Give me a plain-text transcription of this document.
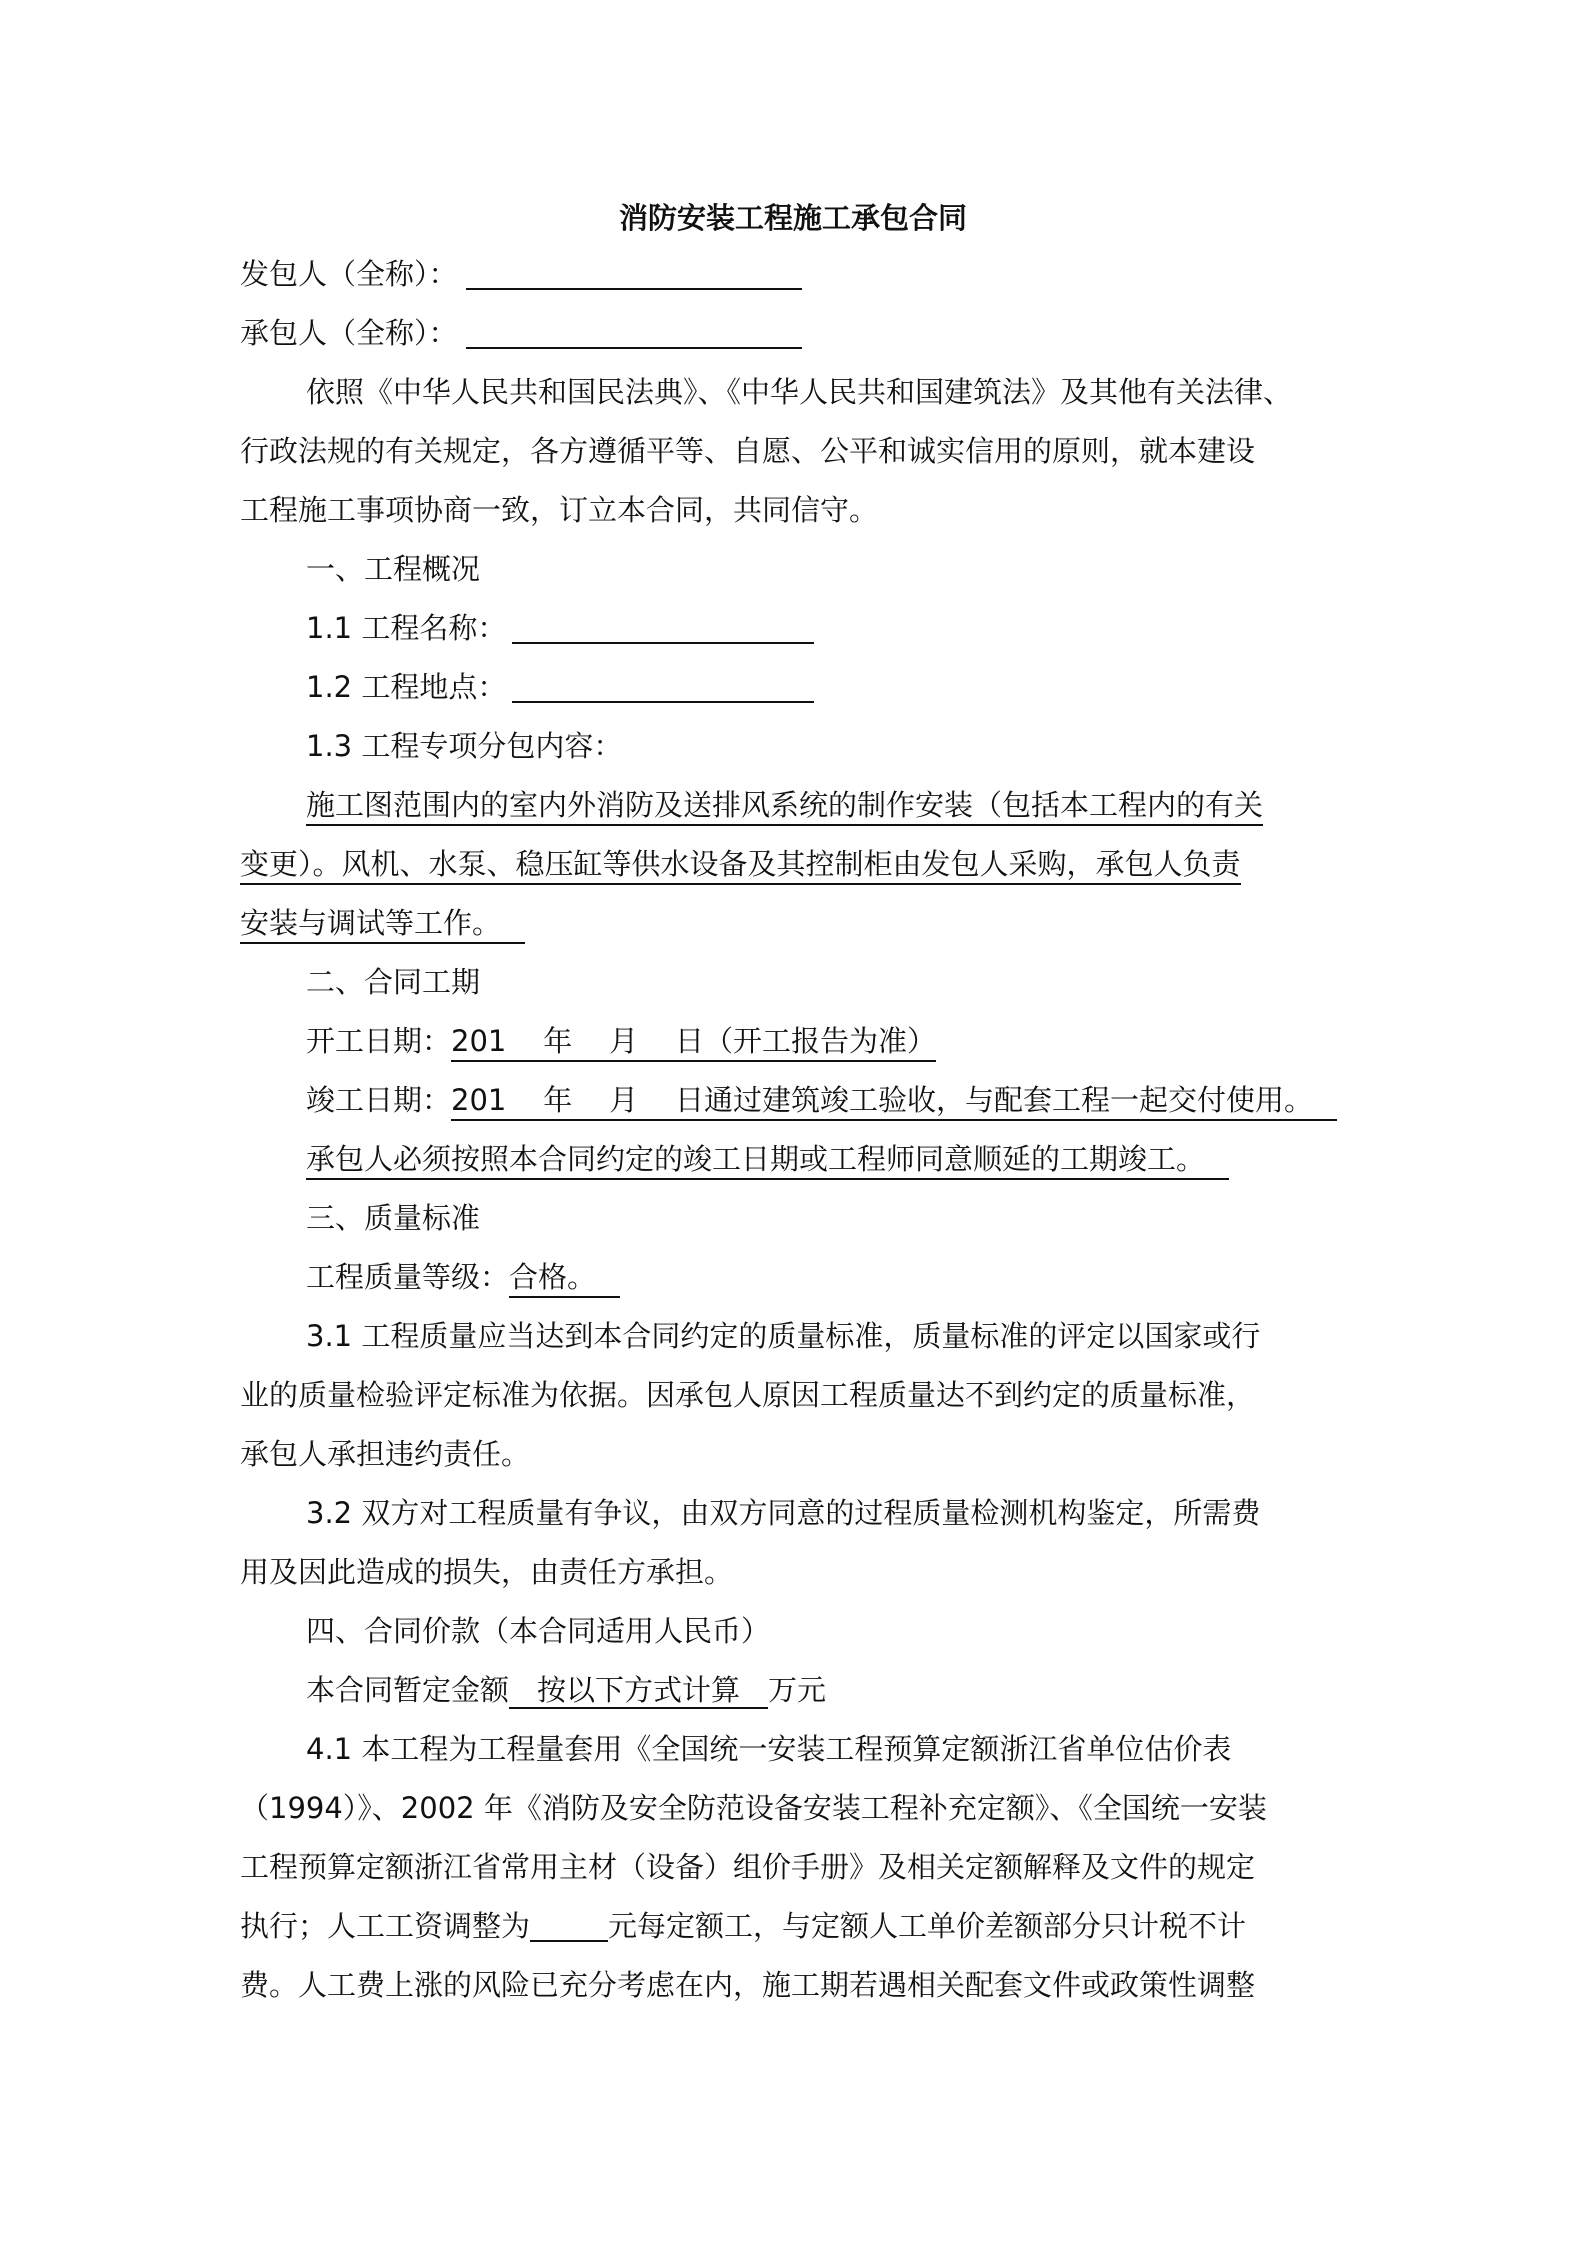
消防安装工程施工承包合同
发包人（全称）：
承包人（全称）：
依照《中华人民共和国民法典》、《中华人民共和国建筑法》及其他有关法律、
行政法规的有关规定，各方遵循平等、自愿、公平和诚实信用的原则，就本建设
工程施工事项协商一致，订立本合同，共同信守。
一、工程概况
1.1 工程名称：
1.2 工程地点：
1.3 工程专项分包内容：
施工图范围内的室内外消防及送排风系统的制作安装（包括本工程内的有关
变更）。风机、水泵、稳压缸等供水设备及其控制柜由发包人采购，承包人负责
安装与调试等工作。
二、合同工期
开工日期：201    年    月    日（开工报告为准）
竣工日期：201    年    月    日通过建筑竣工验收，与配套工程一起交付使用。
承包人必须按照本合同约定的竣工日期或工程师同意顺延的工期竣工。
三、质量标准
工程质量等级：合格。
3.1 工程质量应当达到本合同约定的质量标准，质量标准的评定以国家或行
业的质量检验评定标准为依据。因承包人原因工程质量达不到约定的质量标准，
承包人承担违约责任。
3.2 双方对工程质量有争议，由双方同意的过程质量检测机构鉴定，所需费
用及因此造成的损失，由责任方承担。
四、合同价款（本合同适用人民币）
本合同暂定金额 按以下方式计算 万元
4.1 本工程为工程量套用《全国统一安装工程预算定额浙江省单位估价表
（1994）》、2002 年《消防及安全防范设备安装工程补充定额》、《全国统一安装
工程预算定额浙江省常用主材（设备）组价手册》及相关定额解释及文件的规定
执行；人工工资调整为	元每定额工，与定额人工单价差额部分只计税不计
费。人工费上涨的风险已充分考虑在内，施工期若遇相关配套文件或政策性调整
